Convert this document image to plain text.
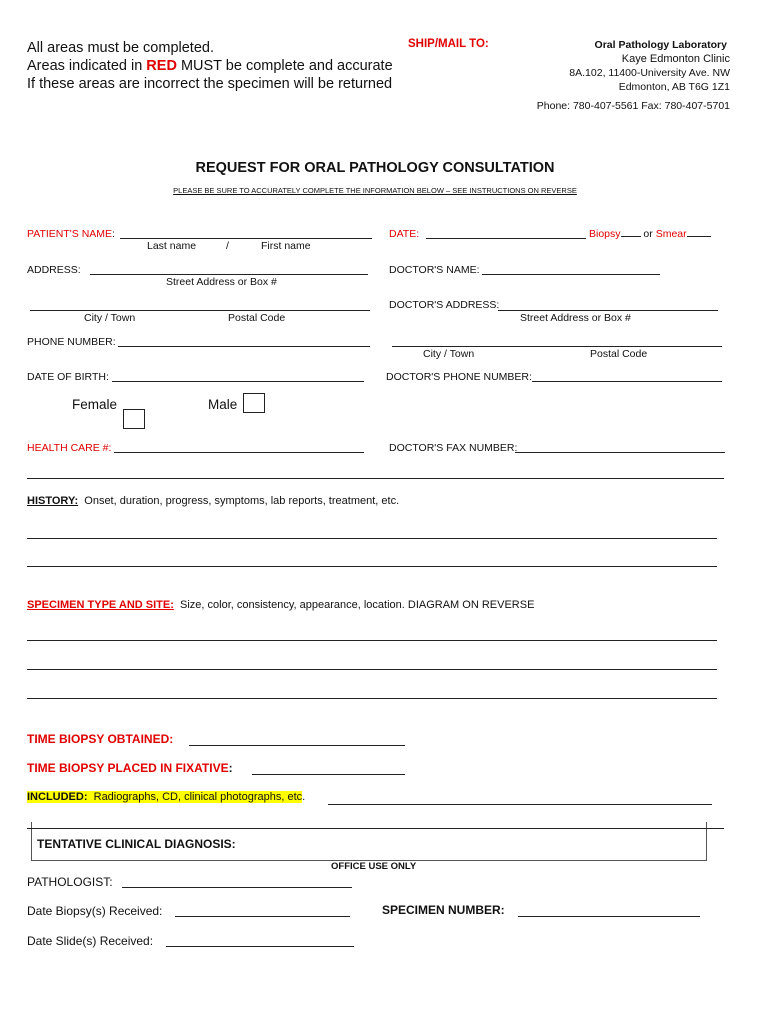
All areas must be completed.
Areas indicated in RED MUST be complete and accurate
If these areas are incorrect the specimen will be returned
SHIP/MAIL TO:	Oral Pathology Laboratory
Kaye Edmonton Clinic
8A.102, 11400-University Ave. NW
Edmonton, AB T6G 1Z1
Phone: 780-407-5561 Fax: 780-407-5701
REQUEST FOR ORAL PATHOLOGY CONSULTATION
PLEASE BE SURE TO ACCURATELY COMPLETE THE INFORMATION BELOW – SEE INSTRUCTIONS ON REVERSE
PATIENT'S NAME:
Last name	/	First name
ADDRESS:
Street Address or Box #
City / Town	Postal Code
PHONE NUMBER:
DATE OF BIRTH:
Female	Male
HEALTH CARE #:
DATE:	Biopsy or Smear
DOCTOR'S NAME:
DOCTOR'S ADDRESS:
Street Address or Box #
City / Town	Postal Code
DOCTOR'S PHONE NUMBER:
DOCTOR'S FAX NUMBER:
HISTORY: Onset, duration, progress, symptoms, lab reports, treatment, etc.
SPECIMEN TYPE AND SITE: Size, color, consistency, appearance, location. DIAGRAM ON REVERSE
TIME BIOPSY OBTAINED:
TIME BIOPSY PLACED IN FIXATIVE:
INCLUDED: Radiographs, CD, clinical photographs, etc.
TENTATIVE CLINICAL DIAGNOSIS:
OFFICE USE ONLY
PATHOLOGIST:
Date Biopsy(s) Received:	SPECIMEN NUMBER:
Date Slide(s) Received:
